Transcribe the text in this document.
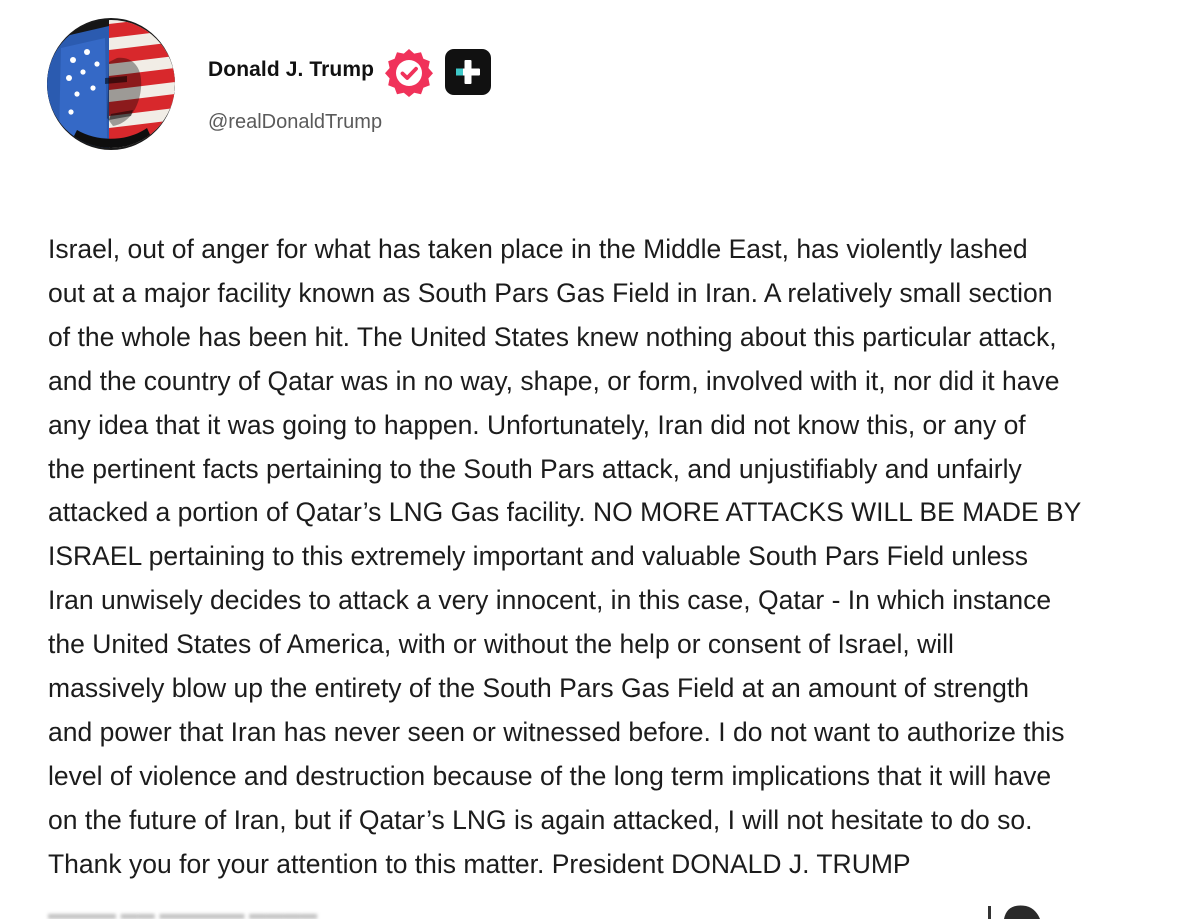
Donald J. Trump
@realDonaldTrump

Israel, out of anger for what has taken place in the Middle East, has violently lashed
out at a major facility known as South Pars Gas Field in Iran. A relatively small section
of the whole has been hit. The United States knew nothing about this particular attack,
and the country of Qatar was in no way, shape, or form, involved with it, nor did it have
any idea that it was going to happen. Unfortunately, Iran did not know this, or any of
the pertinent facts pertaining to the South Pars attack, and unjustifiably and unfairly
attacked a portion of Qatar’s LNG Gas facility. NO MORE ATTACKS WILL BE MADE BY
ISRAEL pertaining to this extremely important and valuable South Pars Field unless
Iran unwisely decides to attack a very innocent, in this case, Qatar - In which instance
the United States of America, with or without the help or consent of Israel, will
massively blow up the entirety of the South Pars Gas Field at an amount of strength
and power that Iran has never seen or witnessed before. I do not want to authorize this
level of violence and destruction because of the long term implications that it will have
on the future of Iran, but if Qatar’s LNG is again attacked, I will not hesitate to do so.
Thank you for your attention to this matter. President DONALD J. TRUMP

▬▬▬▬ ▬▬ ▬▬▬▬▬ ▬▬▬▬
